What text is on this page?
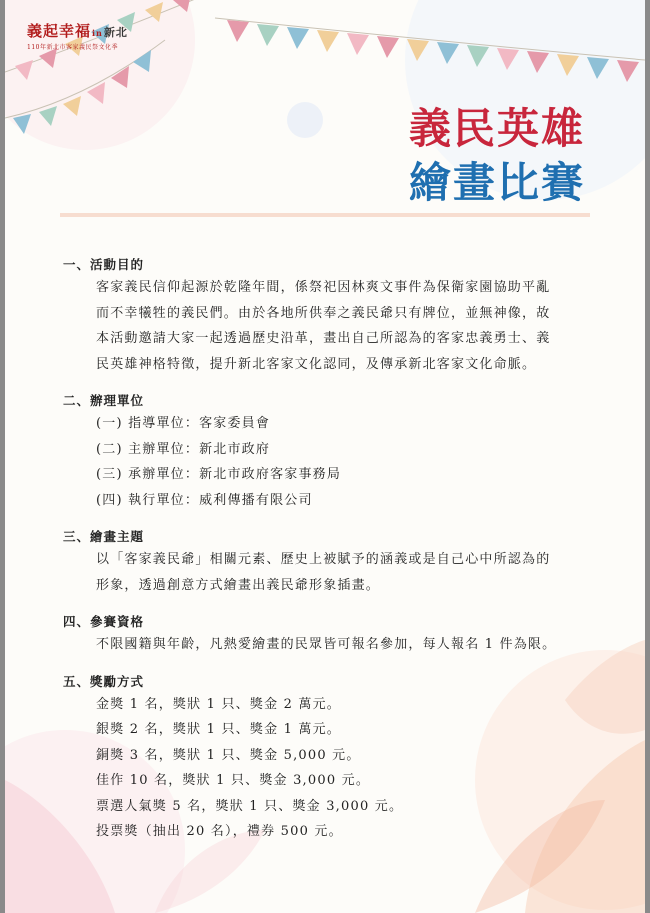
義起幸福in新北
110年新北市客家義民祭文化季
義民英雄
繪畫比賽
一、活動目的
客家義民信仰起源於乾隆年間，係祭祀因林爽文事件為保衛家園協助平亂
而不幸犧牲的義民們。由於各地所供奉之義民爺只有牌位，並無神像，故
本活動邀請大家一起透過歷史沿革，畫出自己所認為的客家忠義勇士、義
民英雄神格特徵，提升新北客家文化認同，及傳承新北客家文化命脈。
二、辦理單位
(一) 指導單位：客家委員會
(二) 主辦單位：新北市政府
(三) 承辦單位：新北市政府客家事務局
(四) 執行單位：威利傳播有限公司
三、繪畫主題
以「客家義民爺」相關元素、歷史上被賦予的涵義或是自己心中所認為的
形象，透過創意方式繪畫出義民爺形象插畫。
四、參賽資格
不限國籍與年齡，凡熱愛繪畫的民眾皆可報名參加，每人報名 1 件為限。
五、獎勵方式
金獎 1 名，獎狀 1 只、獎金 2 萬元。
銀獎 2 名，獎狀 1 只、獎金 1 萬元。
銅獎 3 名，獎狀 1 只、獎金 5,000 元。
佳作 10 名，獎狀 1 只、獎金 3,000 元。
票選人氣獎 5 名，獎狀 1 只、獎金 3,000 元。
投票獎（抽出 20 名），禮券 500 元。
